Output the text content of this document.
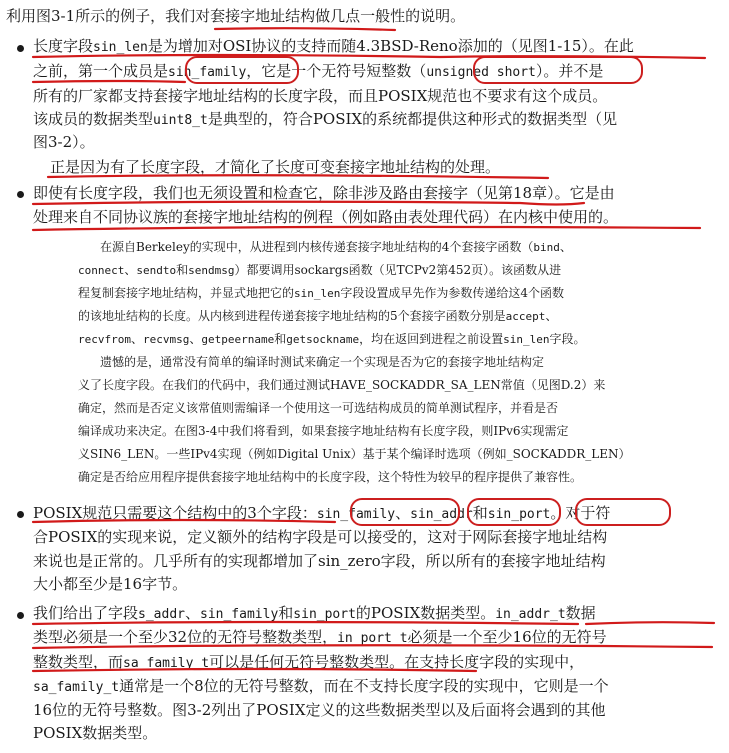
利用图3-1所示的例子，我们对套接字地址结构做几点一般性的说明。
长度字段sin_len是为增加对OSI协议的支持而随4.3BSD-Reno添加的（见图1-15）。在此
之前，第一个成员是sin_family，它是一个无符号短整数（unsigned short）。并不是
所有的厂家都支持套接字地址结构的长度字段，而且POSIX规范也不要求有这个成员。
该成员的数据类型uint8_t是典型的，符合POSIX的系统都提供这种形式的数据类型（见
图3-2）。
正是因为有了长度字段，才简化了长度可变套接字地址结构的处理。
即使有长度字段，我们也无须设置和检查它，除非涉及路由套接字（见第18章）。它是由
处理来自不同协议族的套接字地址结构的例程（例如路由表处理代码）在内核中使用的。
在源自Berkeley的实现中，从进程到内核传递套接字地址结构的4个套接字函数（bind、
connect、sendto和sendmsg）都要调用sockargs函数（见TCPv2第452页）。该函数从进
程复制套接字地址结构，并显式地把它的sin_len字段设置成早先作为参数传递给这4个函数
的该地址结构的长度。从内核到进程传递套接字地址结构的5个套接字函数分别是accept、
recvfrom、recvmsg、getpeername和getsockname，均在返回到进程之前设置sin_len字段。
遗憾的是，通常没有简单的编译时测试来确定一个实现是否为它的套接字地址结构定
义了长度字段。在我们的代码中，我们通过测试HAVE_SOCKADDR_SA_LEN常值（见图D.2）来
确定，然而是否定义该常值则需编译一个使用这一可选结构成员的简单测试程序，并看是否
编译成功来决定。在图3-4中我们将看到，如果套接字地址结构有长度字段，则IPv6实现需定
义SIN6_LEN。一些IPv4实现（例如Digital Unix）基于某个编译时选项（例如_SOCKADDR_LEN）
确定是否给应用程序提供套接字地址结构中的长度字段，这个特性为较早的程序提供了兼容性。
POSIX规范只需要这个结构中的3个字段：sin_family、sin_addr和sin_port。对于符
合POSIX的实现来说，定义额外的结构字段是可以接受的，这对于网际套接字地址结构
来说也是正常的。几乎所有的实现都增加了sin_zero字段，所以所有的套接字地址结构
大小都至少是16字节。
我们给出了字段s_addr、sin_family和sin_port的POSIX数据类型。in_addr_t数据
类型必须是一个至少32位的无符号整数类型，in_port_t必须是一个至少16位的无符号
整数类型，而sa_family_t可以是任何无符号整数类型。在支持长度字段的实现中，
sa_family_t通常是一个8位的无符号整数，而在不支持长度字段的实现中，它则是一个
16位的无符号整数。图3-2列出了POSIX定义的这些数据类型以及后面将会遇到的其他
POSIX数据类型。
